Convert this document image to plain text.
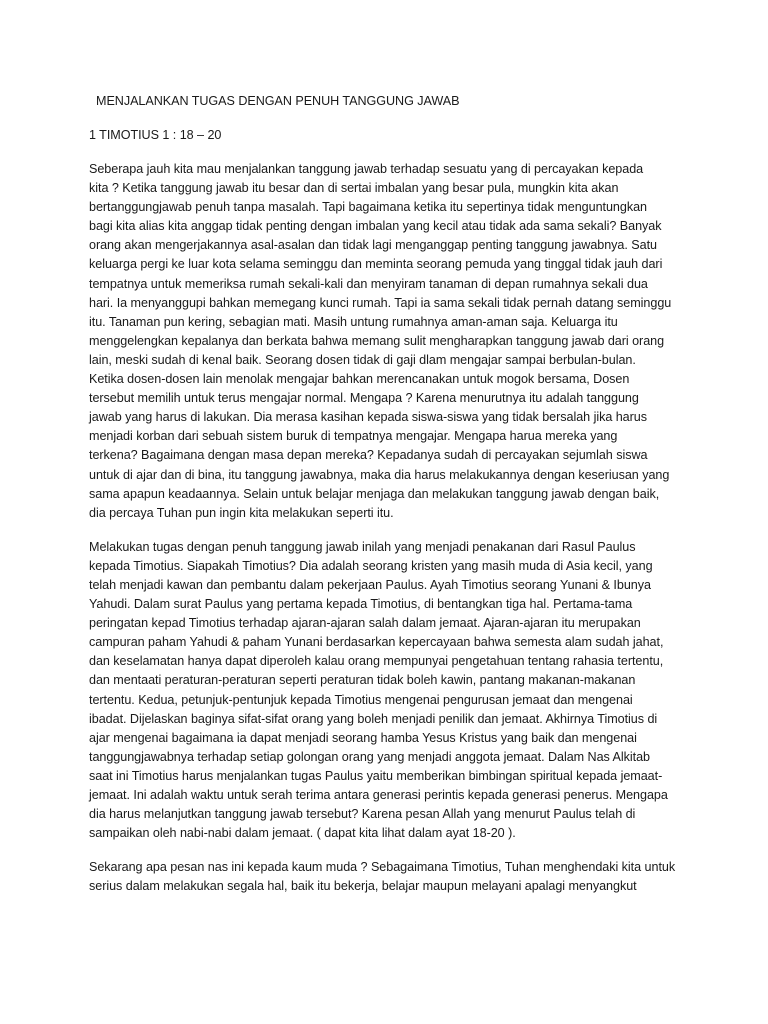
MENJALANKAN TUGAS DENGAN PENUH TANGGUNG JAWAB
1 TIMOTIUS 1 : 18 – 20
Seberapa jauh kita mau menjalankan tanggung jawab terhadap sesuatu yang di percayakan kepada
kita ? Ketika tanggung jawab itu besar dan di sertai imbalan yang besar pula, mungkin kita akan
bertanggungjawab penuh tanpa masalah. Tapi bagaimana ketika itu sepertinya tidak menguntungkan
bagi kita alias kita anggap tidak penting dengan imbalan yang kecil atau tidak ada sama sekali? Banyak
orang akan mengerjakannya asal-asalan dan tidak lagi menganggap penting tanggung jawabnya. Satu
keluarga pergi ke luar kota selama seminggu dan meminta seorang pemuda yang tinggal tidak jauh dari
tempatnya untuk memeriksa rumah sekali-kali dan menyiram tanaman di depan rumahnya sekali dua
hari. Ia menyanggupi bahkan memegang kunci rumah. Tapi ia sama sekali tidak pernah datang seminggu
itu. Tanaman pun kering, sebagian mati. Masih untung rumahnya aman-aman saja. Keluarga itu
menggelengkan kepalanya dan berkata bahwa memang sulit mengharapkan tanggung jawab dari orang
lain, meski sudah di kenal baik. Seorang dosen tidak di gaji dlam mengajar sampai berbulan-bulan.
Ketika dosen-dosen lain menolak mengajar bahkan merencanakan untuk mogok bersama, Dosen
tersebut memilih untuk terus mengajar normal. Mengapa ? Karena menurutnya itu adalah tanggung
jawab yang harus di lakukan. Dia merasa kasihan kepada siswa-siswa yang tidak bersalah jika harus
menjadi korban dari sebuah sistem buruk di tempatnya mengajar. Mengapa harua mereka yang
terkena? Bagaimana dengan masa depan mereka? Kepadanya sudah di percayakan sejumlah siswa
untuk di ajar dan di bina, itu tanggung jawabnya, maka dia harus melakukannya dengan keseriusan yang
sama apapun keadaannya. Selain untuk belajar menjaga dan melakukan tanggung jawab dengan baik,
dia percaya Tuhan pun ingin kita melakukan seperti itu.
Melakukan tugas dengan penuh tanggung jawab inilah yang menjadi penakanan dari Rasul Paulus
kepada Timotius. Siapakah Timotius? Dia adalah seorang kristen yang masih muda di Asia kecil, yang
telah menjadi kawan dan pembantu dalam pekerjaan Paulus. Ayah Timotius seorang Yunani & Ibunya
Yahudi. Dalam surat Paulus yang pertama kepada Timotius, di bentangkan tiga hal. Pertama-tama
peringatan kepad Timotius terhadap ajaran-ajaran salah dalam jemaat. Ajaran-ajaran itu merupakan
campuran paham Yahudi & paham Yunani berdasarkan kepercayaan bahwa semesta alam sudah jahat,
dan keselamatan hanya dapat diperoleh kalau orang mempunyai pengetahuan tentang rahasia tertentu,
dan mentaati peraturan-peraturan seperti peraturan tidak boleh kawin, pantang makanan-makanan
tertentu. Kedua, petunjuk-pentunjuk kepada Timotius mengenai pengurusan jemaat dan mengenai
ibadat. Dijelaskan baginya sifat-sifat orang yang boleh menjadi penilik dan jemaat. Akhirnya Timotius di
ajar mengenai bagaimana ia dapat menjadi seorang hamba Yesus Kristus yang baik dan mengenai
tanggungjawabnya terhadap setiap golongan orang yang menjadi anggota jemaat. Dalam Nas Alkitab
saat ini Timotius harus menjalankan tugas Paulus yaitu memberikan bimbingan spiritual kepada jemaat-
jemaat. Ini adalah waktu untuk serah terima antara generasi perintis kepada generasi penerus. Mengapa
dia harus melanjutkan tanggung jawab tersebut? Karena pesan Allah yang menurut Paulus telah di
sampaikan oleh nabi-nabi dalam jemaat. ( dapat kita lihat dalam ayat 18-20 ).
Sekarang apa pesan nas ini kepada kaum muda ? Sebagaimana Timotius, Tuhan menghendaki kita untuk
serius dalam melakukan segala hal, baik itu bekerja, belajar maupun melayani apalagi menyangkut
